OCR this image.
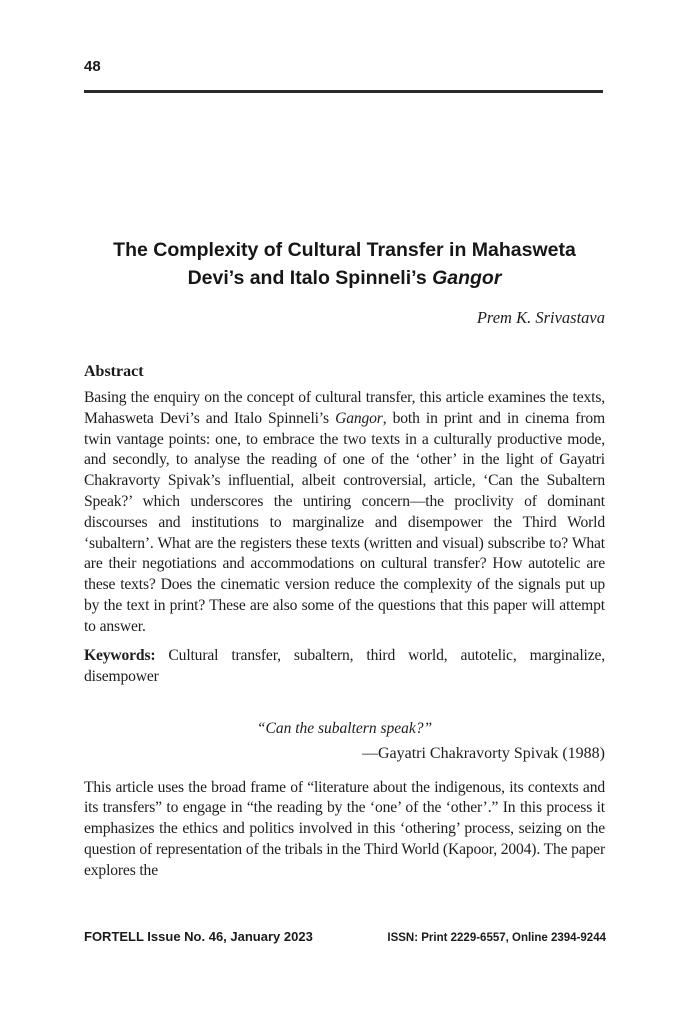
48
The Complexity of Cultural Transfer in Mahasweta Devi’s and Italo Spinneli’s Gangor
Prem K. Srivastava
Abstract

Basing the enquiry on the concept of cultural transfer, this article examines the texts, Mahasweta Devi’s and Italo Spinneli’s Gangor, both in print and in cinema from twin vantage points: one, to embrace the two texts in a culturally productive mode, and secondly, to analyse the reading of one of the ‘other’ in the light of Gayatri Chakravorty Spivak’s influential, albeit controversial, article, ‘Can the Subaltern Speak?’ which underscores the untiring concern—the proclivity of dominant discourses and institutions to marginalize and disempower the Third World ‘subaltern’. What are the registers these texts (written and visual) subscribe to? What are their negotiations and accommodations on cultural transfer? How autotelic are these texts? Does the cinematic version reduce the complexity of the signals put up by the text in print? These are also some of the questions that this paper will attempt to answer.

Keywords: Cultural transfer, subaltern, third world, autotelic, marginalize, disempower

“Can the subaltern speak?”
—Gayatri Chakravorty Spivak (1988)

This article uses the broad frame of “literature about the indigenous, its contexts and its transfers” to engage in “the reading by the ‘one’ of the ‘other’.” In this process it emphasizes the ethics and politics involved in this ‘othering’ process, seizing on the question of representation of the tribals in the Third World (Kapoor, 2004). The paper explores the

FORTELL Issue No. 46, January 2023	ISSN: Print 2229-6557, Online 2394-9244
